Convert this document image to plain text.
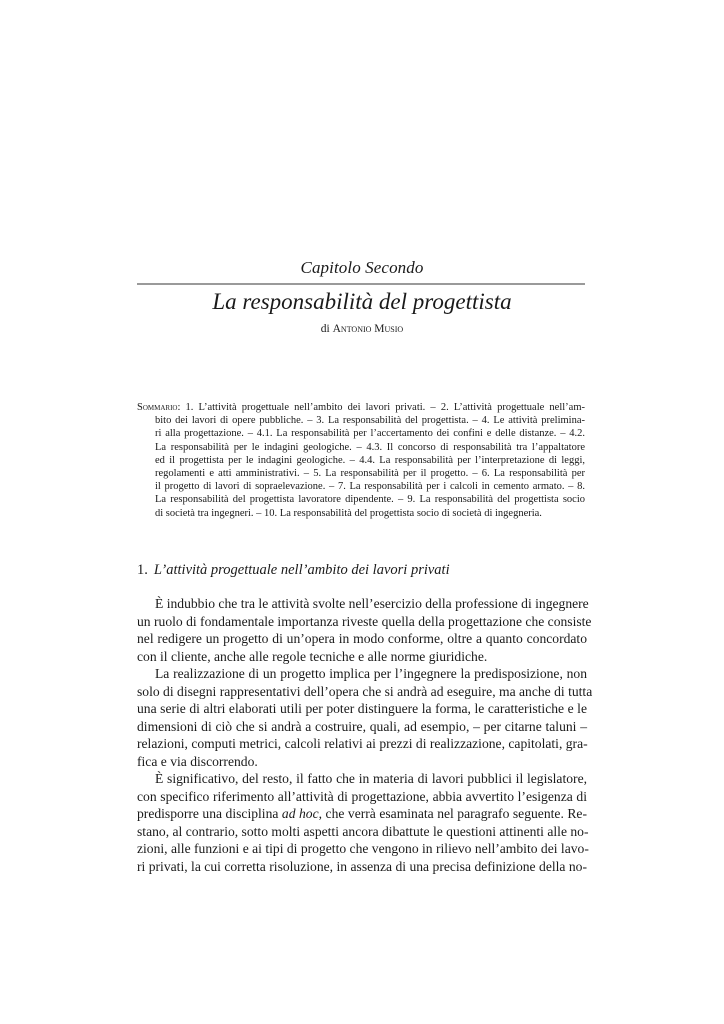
Capitolo Secondo
La responsabilità del progettista
di Antonio Musio
Sommario: 1. L’attività progettuale nell’ambito dei lavori privati. – 2. L’attività progettuale nell’am-
bito dei lavori di opere pubbliche. – 3. La responsabilità del progettista. – 4. Le attività prelimina-
ri alla progettazione. – 4.1. La responsabilità per l’accertamento dei confini e delle distanze. – 4.2.
La responsabilità per le indagini geologiche. – 4.3. Il concorso di responsabilità tra l’appaltatore
ed il progettista per le indagini geologiche. – 4.4. La responsabilità per l’interpretazione di leggi,
regolamenti e atti amministrativi. – 5. La responsabilità per il progetto. – 6. La responsabilità per
il progetto di lavori di sopraelevazione. – 7. La responsabilità per i calcoli in cemento armato. – 8.
La responsabilità del progettista lavoratore dipendente. – 9. La responsabilità del progettista socio
di società tra ingegneri. – 10. La responsabilità del progettista socio di società di ingegneria.
1. L’attività progettuale nell’ambito dei lavori privati
È indubbio che tra le attività svolte nell’esercizio della professione di ingegnere
un ruolo di fondamentale importanza riveste quella della progettazione che consiste
nel redigere un progetto di un’opera in modo conforme, oltre a quanto concordato
con il cliente, anche alle regole tecniche e alle norme giuridiche.
La realizzazione di un progetto implica per l’ingegnere la predisposizione, non
solo di disegni rappresentativi dell’opera che si andrà ad eseguire, ma anche di tutta
una serie di altri elaborati utili per poter distinguere la forma, le caratteristiche e le
dimensioni di ciò che si andrà a costruire, quali, ad esempio, – per citarne taluni –
relazioni, computi metrici, calcoli relativi ai prezzi di realizzazione, capitolati, gra-
fica e via discorrendo.
È significativo, del resto, il fatto che in materia di lavori pubblici il legislatore,
con specifico riferimento all’attività di progettazione, abbia avvertito l’esigenza di
predisporre una disciplina ad hoc, che verrà esaminata nel paragrafo seguente. Re-
stano, al contrario, sotto molti aspetti ancora dibattute le questioni attinenti alle no-
zioni, alle funzioni e ai tipi di progetto che vengono in rilievo nell’ambito dei lavo-
ri privati, la cui corretta risoluzione, in assenza di una precisa definizione della no-
